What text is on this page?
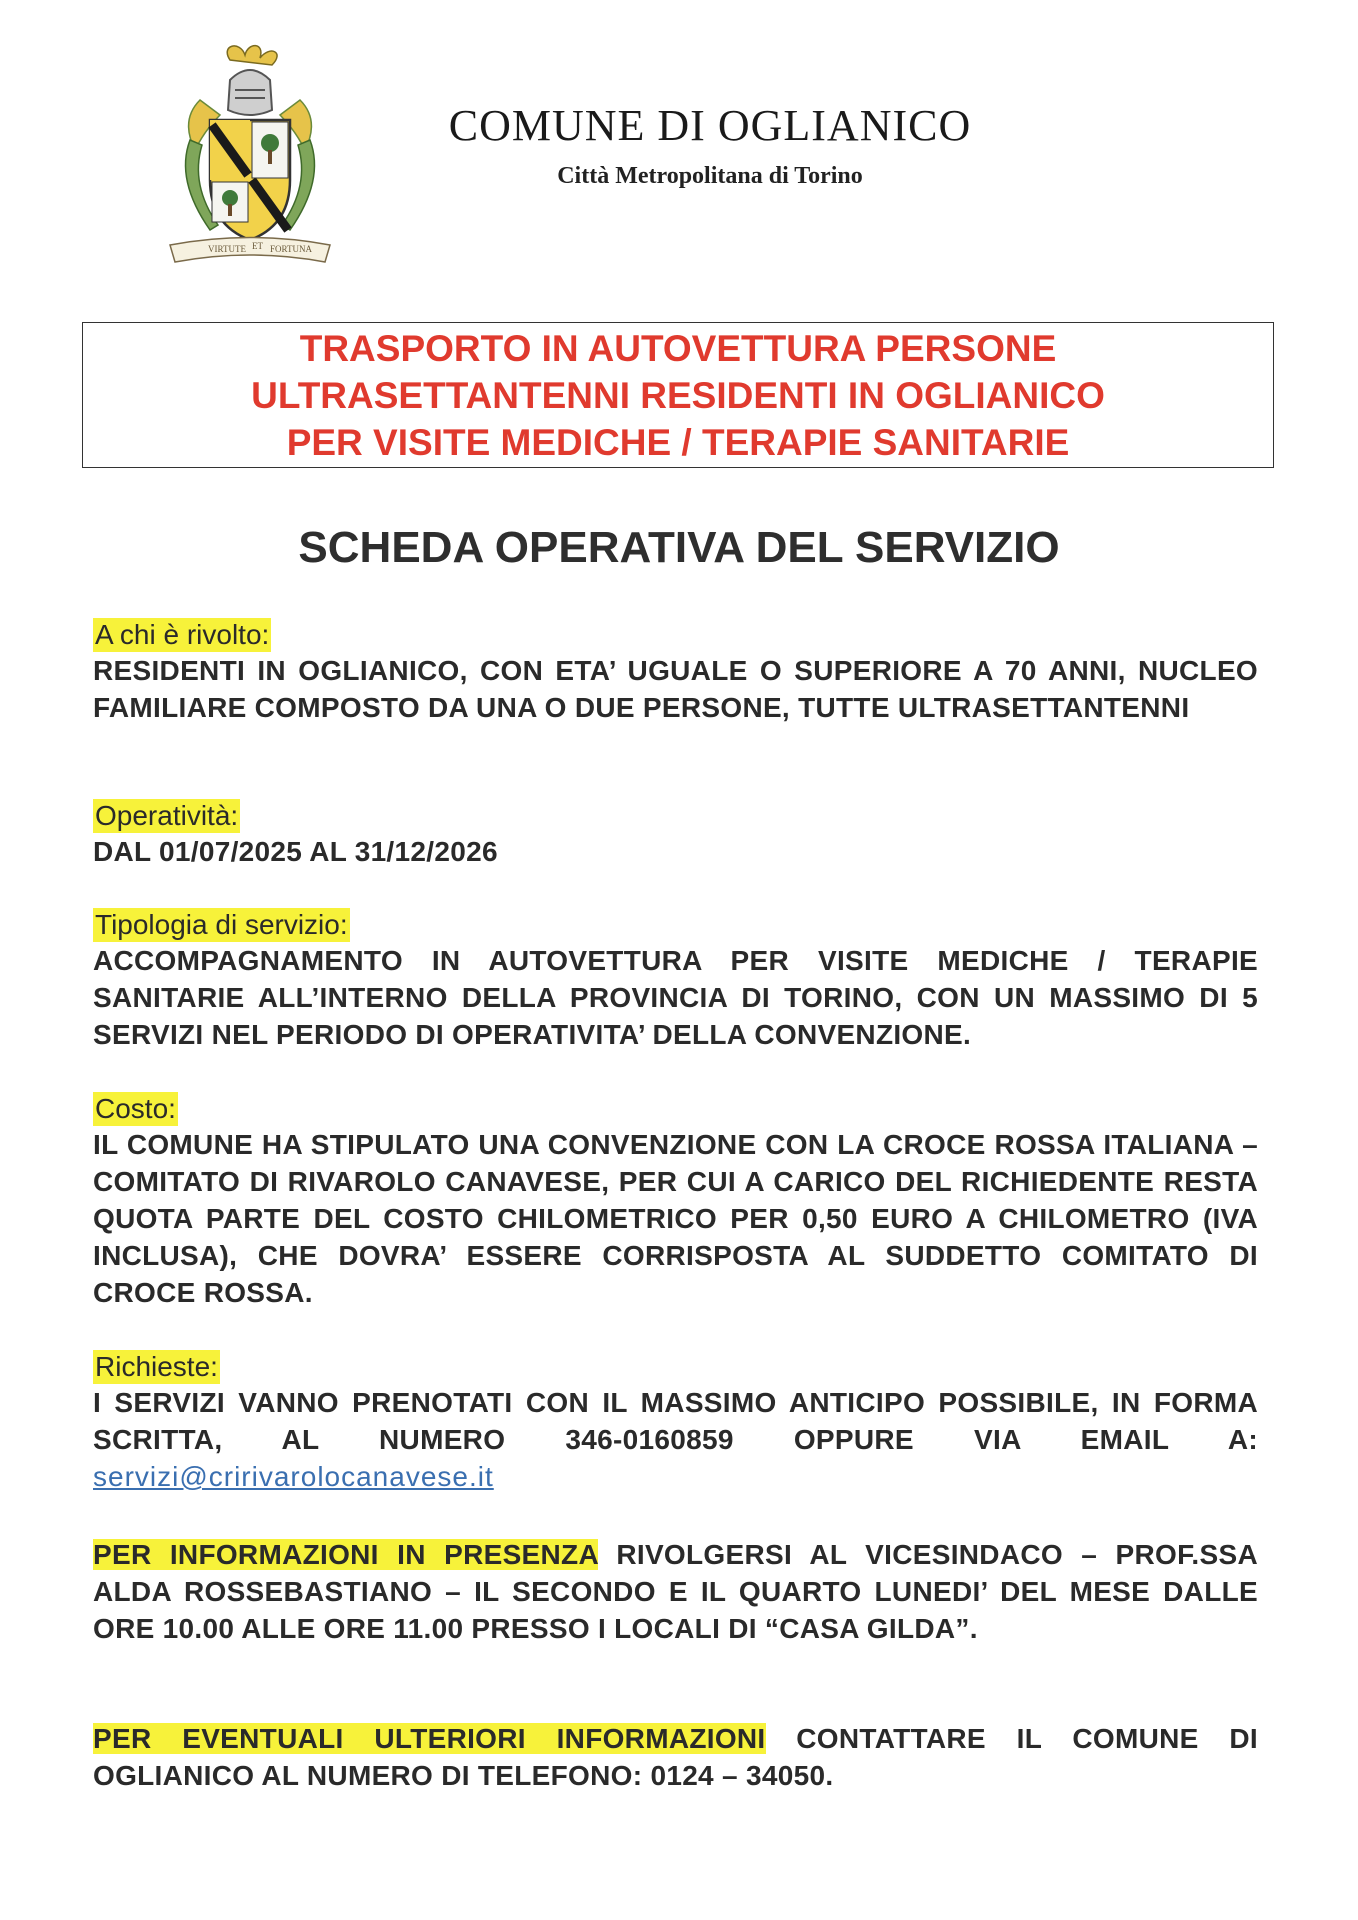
VIRTUTE ET FORTUNA
COMUNE DI OGLIANICO
Città Metropolitana di Torino
TRASPORTO IN AUTOVETTURA PERSONE
ULTRASETTANTENNI RESIDENTI IN OGLIANICO
PER VISITE MEDICHE / TERAPIE SANITARIE
SCHEDA OPERATIVA DEL SERVIZIO
A chi è rivolto:
RESIDENTI IN OGLIANICO, CON ETA’ UGUALE O SUPERIORE A 70 ANNI, NUCLEO FAMILIARE COMPOSTO DA UNA O DUE PERSONE, TUTTE ULTRASETTANTENNI
Operatività:
DAL 01/07/2025 AL 31/12/2026
Tipologia di servizio:
ACCOMPAGNAMENTO IN AUTOVETTURA PER VISITE MEDICHE / TERAPIE SANITARIE ALL’INTERNO DELLA PROVINCIA DI TORINO, CON UN MASSIMO DI 5 SERVIZI NEL PERIODO DI OPERATIVITA’ DELLA CONVENZIONE.
Costo:
IL COMUNE HA STIPULATO UNA CONVENZIONE CON LA CROCE ROSSA ITALIANA – COMITATO DI RIVAROLO CANAVESE, PER CUI A CARICO DEL RICHIEDENTE RESTA QUOTA PARTE DEL COSTO CHILOMETRICO PER 0,50 EURO A CHILOMETRO (IVA INCLUSA), CHE DOVRA’ ESSERE CORRISPOSTA AL SUDDETTO COMITATO DI CROCE ROSSA.
Richieste:
I SERVIZI VANNO PRENOTATI CON IL MASSIMO ANTICIPO POSSIBILE, IN FORMA SCRITTA, AL NUMERO 346-0160859 OPPURE VIA EMAIL A: servizi@cririvarolocanavese.it
PER INFORMAZIONI IN PRESENZA RIVOLGERSI AL VICESINDACO – PROF.SSA ALDA ROSSEBASTIANO – IL SECONDO E IL QUARTO LUNEDI’ DEL MESE DALLE ORE 10.00 ALLE ORE 11.00 PRESSO I LOCALI DI “CASA GILDA”.
PER EVENTUALI ULTERIORI INFORMAZIONI CONTATTARE IL COMUNE DI OGLIANICO AL NUMERO DI TELEFONO: 0124 – 34050.
